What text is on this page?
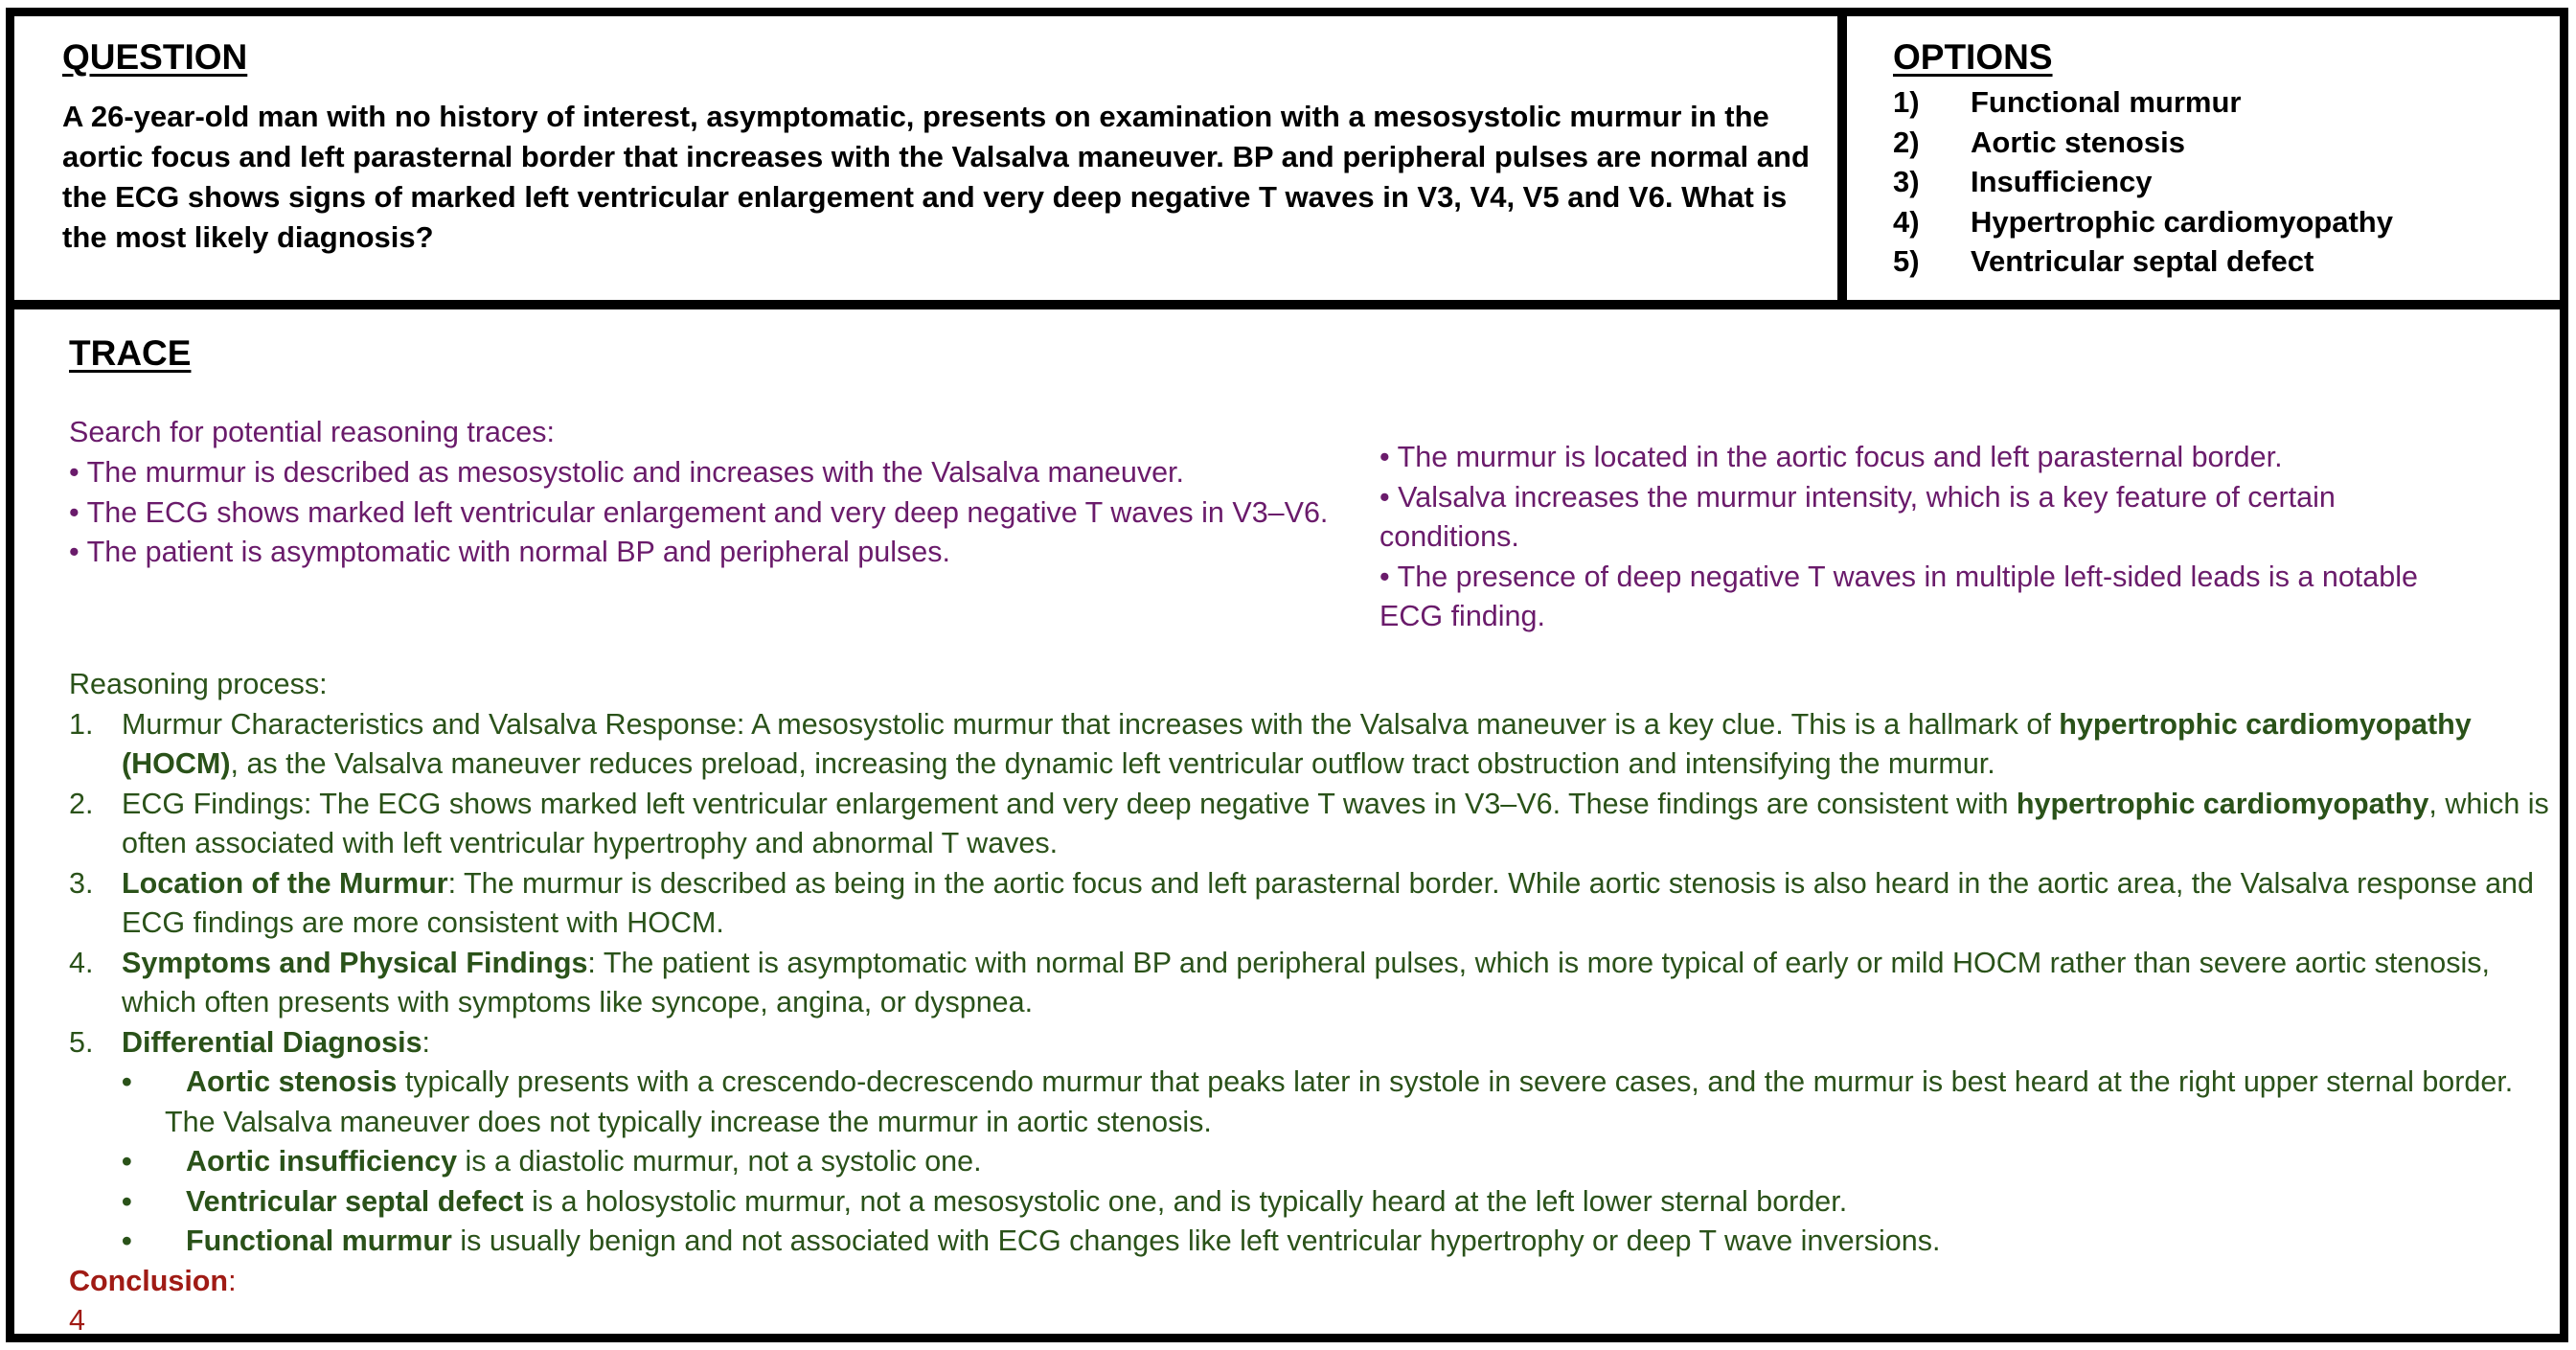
QUESTION
A 26-year-old man with no history of interest, asymptomatic, presents on examination with a mesosystolic murmur in the aortic focus and left parasternal border that increases with the Valsalva maneuver. BP and peripheral pulses are normal and the ECG shows signs of marked left ventricular enlargement and very deep negative T waves in V3, V4, V5 and V6. What is the most likely diagnosis?
OPTIONS
1)	Functional murmur
2)	Aortic stenosis
3)	Insufficiency
4)	Hypertrophic cardiomyopathy
5)	Ventricular septal defect
TRACE
Search for potential reasoning traces:
• The murmur is described as mesosystolic and increases with the Valsalva maneuver.
• The ECG shows marked left ventricular enlargement and very deep negative T waves in V3–V6.
• The patient is asymptomatic with normal BP and peripheral pulses.
• The murmur is located in the aortic focus and left parasternal border.
• Valsalva increases the murmur intensity, which is a key feature of certain conditions.
• The presence of deep negative T waves in multiple left-sided leads is a notable ECG finding.
Reasoning process:
1. Murmur Characteristics and Valsalva Response: A mesosystolic murmur that increases with the Valsalva maneuver is a key clue. This is a hallmark of hypertrophic cardiomyopathy (HOCM), as the Valsalva maneuver reduces preload, increasing the dynamic left ventricular outflow tract obstruction and intensifying the murmur.
2. ECG Findings: The ECG shows marked left ventricular enlargement and very deep negative T waves in V3–V6. These findings are consistent with hypertrophic cardiomyopathy, which is often associated with left ventricular hypertrophy and abnormal T waves.
3. Location of the Murmur: The murmur is described as being in the aortic focus and left parasternal border. While aortic stenosis is also heard in the aortic area, the Valsalva response and ECG findings are more consistent with HOCM.
4. Symptoms and Physical Findings: The patient is asymptomatic with normal BP and peripheral pulses, which is more typical of early or mild HOCM rather than severe aortic stenosis, which often presents with symptoms like syncope, angina, or dyspnea.
5. Differential Diagnosis:
•	Aortic stenosis typically presents with a crescendo-decrescendo murmur that peaks later in systole in severe cases, and the murmur is best heard at the right upper sternal border. The Valsalva maneuver does not typically increase the murmur in aortic stenosis.
•	Aortic insufficiency is a diastolic murmur, not a systolic one.
•	Ventricular septal defect is a holosystolic murmur, not a mesosystolic one, and is typically heard at the left lower sternal border.
•	Functional murmur is usually benign and not associated with ECG changes like left ventricular hypertrophy or deep T wave inversions.
Conclusion:
4
